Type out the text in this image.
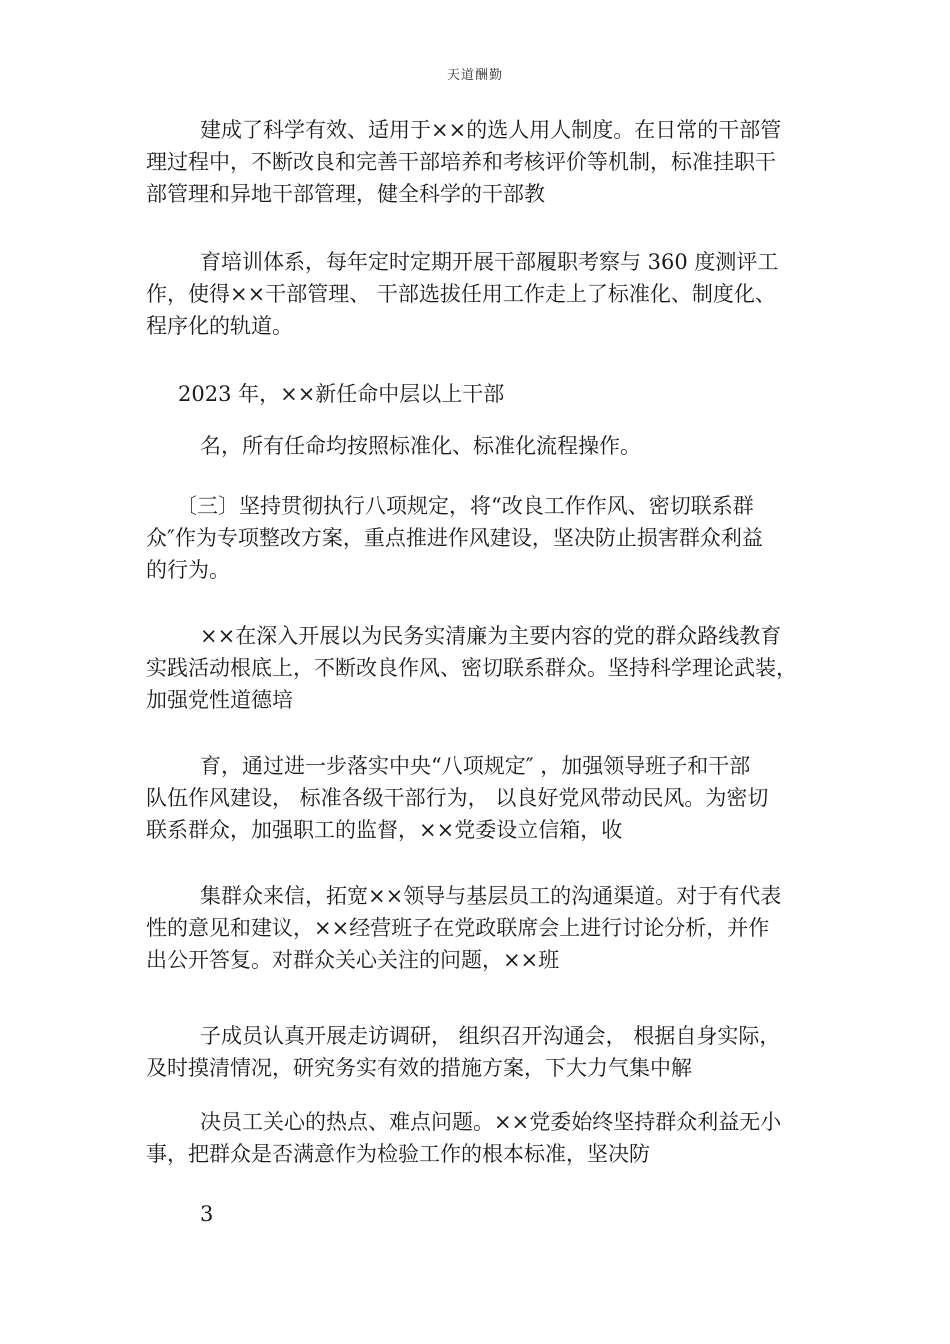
天道酬勤
建成了科学有效、适用于××的选人用人制度。在日常的干部管
理过程中，不断改良和完善干部培养和考核评价等机制，标准挂职干
部管理和异地干部管理，健全科学的干部教
育培训体系，每年定时定期开展干部履职考察与 360 度测评工
作，使得××干部管理、 干部选拔任用工作走上了标准化、制度化、
程序化的轨道。
2023 年，××新任命中层以上干部
名，所有任命均按照标准化、标准化流程操作。
〔三〕坚持贯彻执行八项规定，将“改良工作作风、密切联系群
众″作为专项整改方案，重点推进作风建设，坚决防止损害群众利益
的行为。
××在深入开展以为民务实清廉为主要内容的党的群众路线教育
实践活动根底上，不断改良作风、密切联系群众。坚持科学理论武装，
加强党性道德培
育，通过进一步落实中央“八项规定″ ，加强领导班子和干部
队伍作风建设， 标准各级干部行为， 以良好党风带动民风。为密切
联系群众，加强职工的监督，××党委设立信箱，收
集群众来信，拓宽××领导与基层员工的沟通渠道。对于有代表
性的意见和建议，××经营班子在党政联席会上进行讨论分析，并作
出公开答复。对群众关心关注的问题，××班
子成员认真开展走访调研， 组织召开沟通会， 根据自身实际，
及时摸清情况，研究务实有效的措施方案，下大力气集中解
决员工关心的热点、难点问题。××党委始终坚持群众利益无小
事，把群众是否满意作为检验工作的根本标准，坚决防
3
